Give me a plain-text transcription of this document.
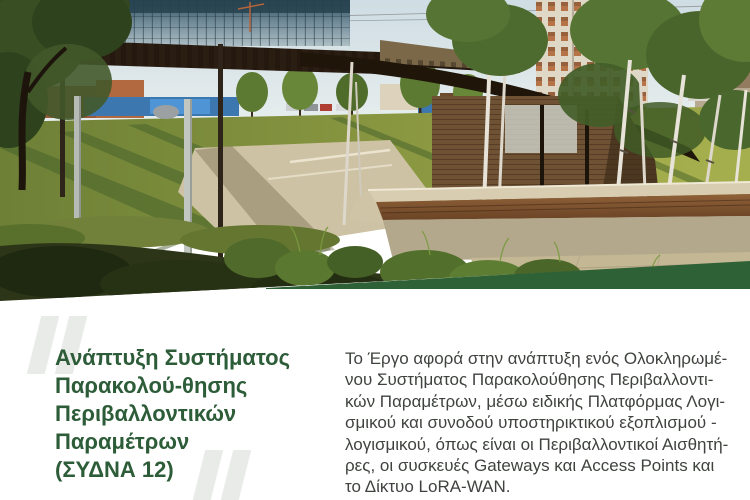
Ανάπτυξη Συστήματος
Παρακολού-θησης
Περιβαλλοντικών
Παραμέτρων
(ΣΥΔΝΑ 12)

Το Έργο αφορά στην ανάπτυξη ενός Ολοκληρωμέ-
νου Συστήματος Παρακολούθησης Περιβαλλοντι-
κών Παραμέτρων, μέσω ειδικής Πλατφόρμας Λογι-
σμικού και συνοδού υποστηρικτικού εξοπλισμού -
λογισμικού, όπως είναι οι Περιβαλλοντικοί Αισθητή-
ρες, οι συσκευές Gateways και Access Points και
το Δίκτυο LoRA-WAN.
